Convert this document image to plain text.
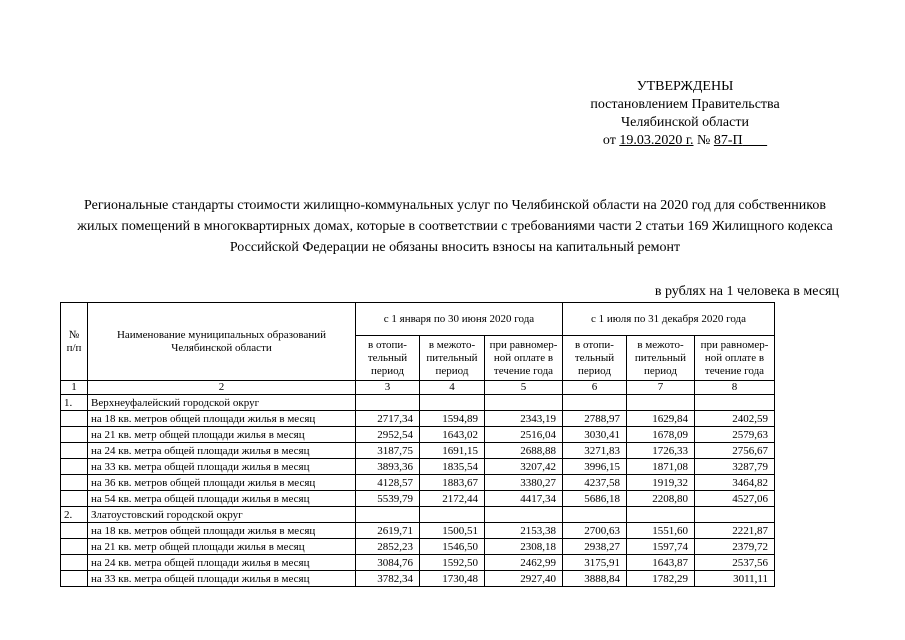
УТВЕРЖДЕНЫ
постановлением Правительства
Челябинской области
от 19.03.2020 г. № 87-П
Региональные стандарты стоимости жилищно-коммунальных услуг по Челябинской области на 2020 год для собственников жилых помещений в многоквартирных домах, которые в соответствии с требованиями части 2 статьи 169 Жилищного кодекса Российской Федерации не обязаны вносить взносы на капитальный ремонт
в рублях на 1 человека в месяц
№ п/п	Наименование муниципальных образований Челябинской области	с 1 января по 30 июня 2020 года			с 1 июля по 31 декабря 2020 года		
		в отопи-тельный период	в межото-пительный период	при равномер-ной оплате в течение года	в отопи-тельный период	в межото-пительный период	при равномер-ной оплате в течение года
1	2	3	4	5	6	7	8
1.	Верхнеуфалейский городской округ						
	на 18 кв. метров общей площади жилья в месяц	2717,34	1594,89	2343,19	2788,97	1629,84	2402,59
	на 21 кв. метр общей площади жилья в месяц	2952,54	1643,02	2516,04	3030,41	1678,09	2579,63
	на 24 кв. метра общей площади жилья в месяц	3187,75	1691,15	2688,88	3271,83	1726,33	2756,67
	на 33 кв. метра общей площади жилья в месяц	3893,36	1835,54	3207,42	3996,15	1871,08	3287,79
	на 36 кв. метров общей площади жилья в месяц	4128,57	1883,67	3380,27	4237,58	1919,32	3464,82
	на 54 кв. метра общей площади жилья в месяц	5539,79	2172,44	4417,34	5686,18	2208,80	4527,06
2.	Златоустовский городской округ						
	на 18 кв. метров общей площади жилья в месяц	2619,71	1500,51	2153,38	2700,63	1551,60	2221,87
	на 21 кв. метр общей площади жилья в месяц	2852,23	1546,50	2308,18	2938,27	1597,74	2379,72
	на 24 кв. метра общей площади жилья в месяц	3084,76	1592,50	2462,99	3175,91	1643,87	2537,56
	на 33 кв. метра общей площади жилья в месяц	3782,34	1730,48	2927,40	3888,84	1782,29	3011,11
